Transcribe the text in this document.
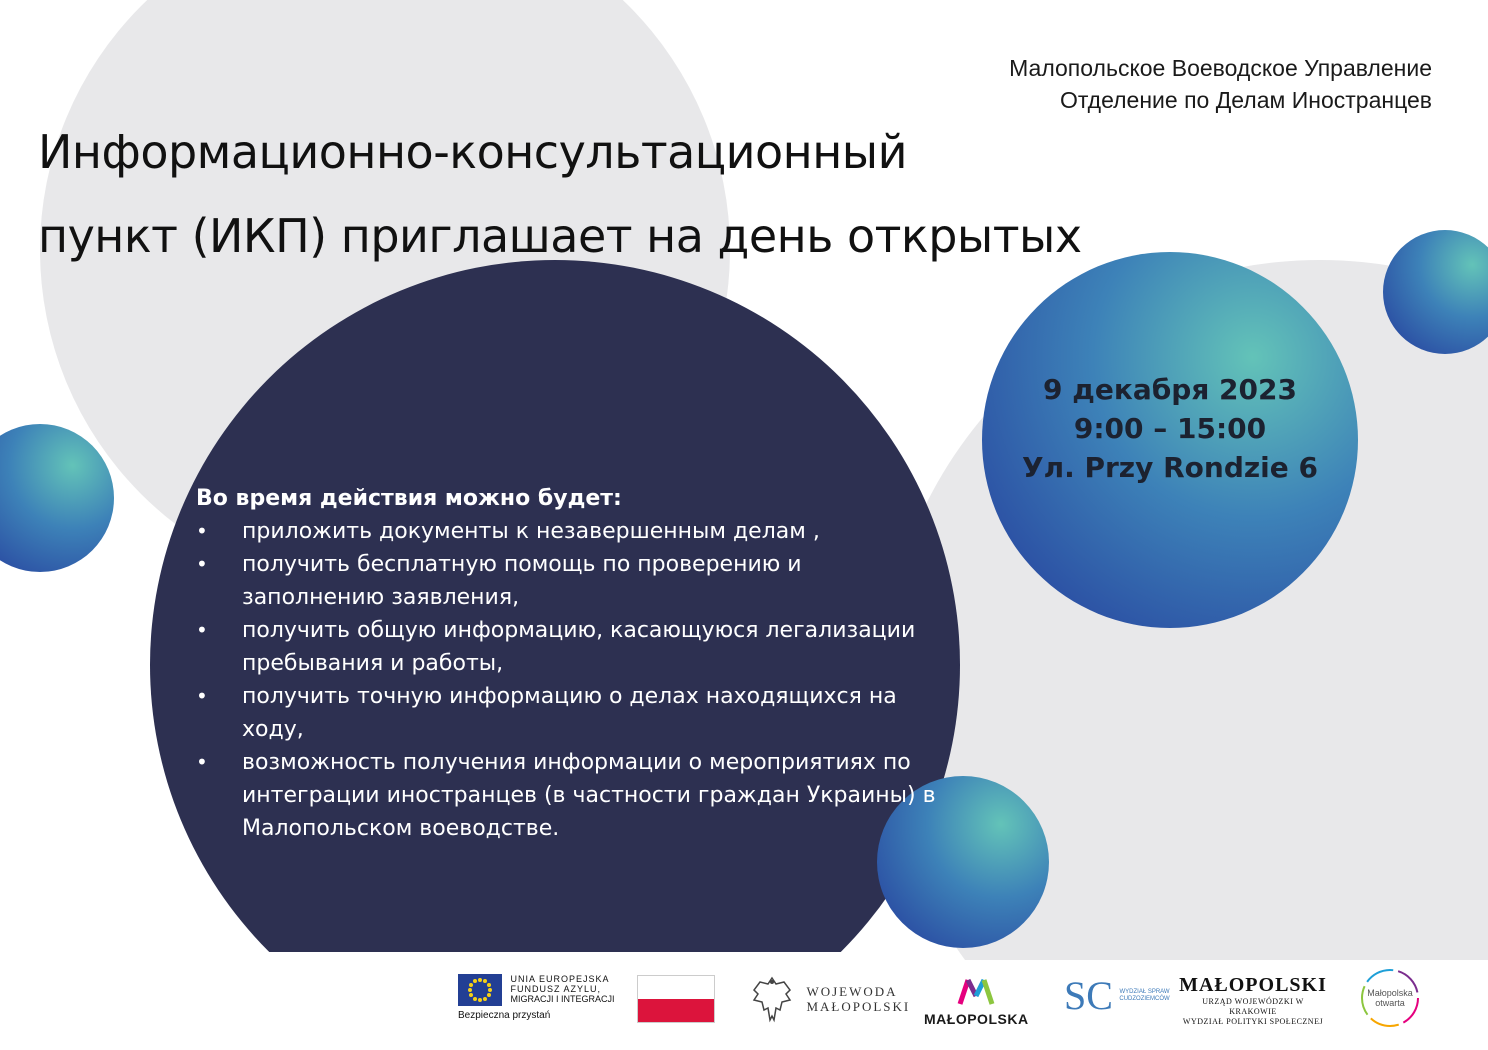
Малопольское Воеводское Управление
Отделение по Делам Иностранцев
Информационно-консультационный
пункт (ИКП) приглашает на день открытых
9 декабря 2023
9:00 – 15:00
Ул. Przy Rondzie 6
Во время действия можно будет:
• приложить документы к незавершенным делам ,
• получить бесплатную помощь по проверению и заполнению заявления,
• получить общую информацию, касающуюся легализации пребывания и работы,
• получить точную информацию о делах находящихся на ходу,
• возможность получения информации о мероприятиях по интеграции иностранцев (в частности граждан Украины) в Малопольском воеводстве.

UNIA EUROPEJSKA
FUNDUSZ AZYLU,
MIGRACJI I INTEGRACJI
Bezpieczna przystań

WOJEWODA
MAŁOPOLSKI
MAŁOPOLSKA
SC WYDZIAŁ SPRAW
CUDZOZIEMCÓW
MAŁOPOLSKI
URZĄD WOJEWÓDZKI W KRAKOWIE
WYDZIAŁ POLITYKI SPOŁECZNEJ
Małopolska
otwarta
